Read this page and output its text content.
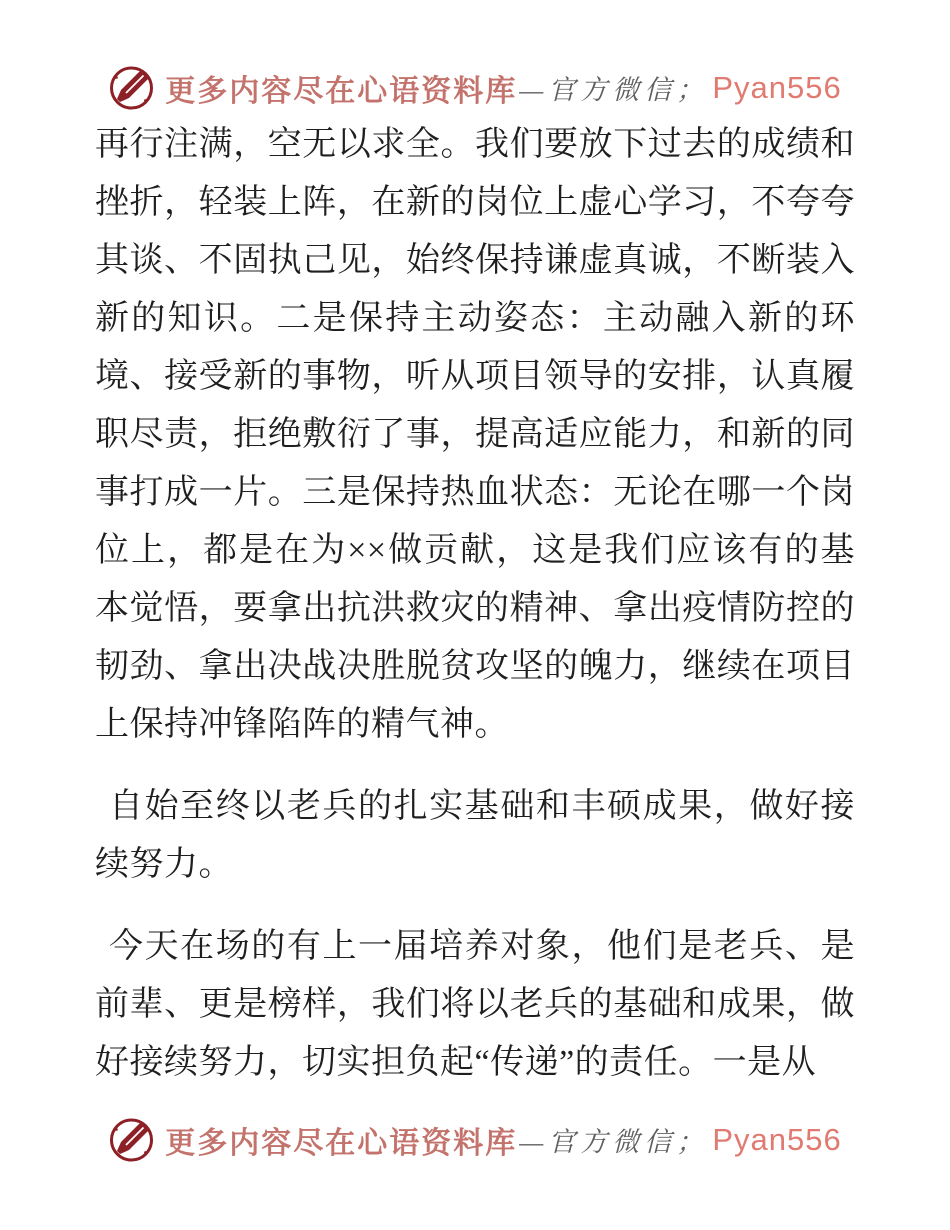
更多内容尽在心语资料库 —官方微信； Pyan556

再行注满，空无以求全。我们要放下过去的成绩和挫折，轻装上阵，在新的岗位上虚心学习，不夸夸其谈、不固执己见，始终保持谦虚真诚，不断装入新的知识。二是保持主动姿态：主动融入新的环境、接受新的事物，听从项目领导的安排，认真履职尽责，拒绝敷衍了事，提高适应能力，和新的同事打成一片。三是保持热血状态：无论在哪一个岗位上，都是在为××做贡献，这是我们应该有的基本觉悟，要拿出抗洪救灾的精神、拿出疫情防控的韧劲、拿出决战决胜脱贫攻坚的魄力，继续在项目上保持冲锋陷阵的精气神。

自始至终以老兵的扎实基础和丰硕成果，做好接续努力。

今天在场的有上一届培养对象，他们是老兵、是前辈、更是榜样，我们将以老兵的基础和成果，做好接续努力，切实担负起“传递”的责任。一是从

更多内容尽在心语资料库 —官方微信； Pyan556
